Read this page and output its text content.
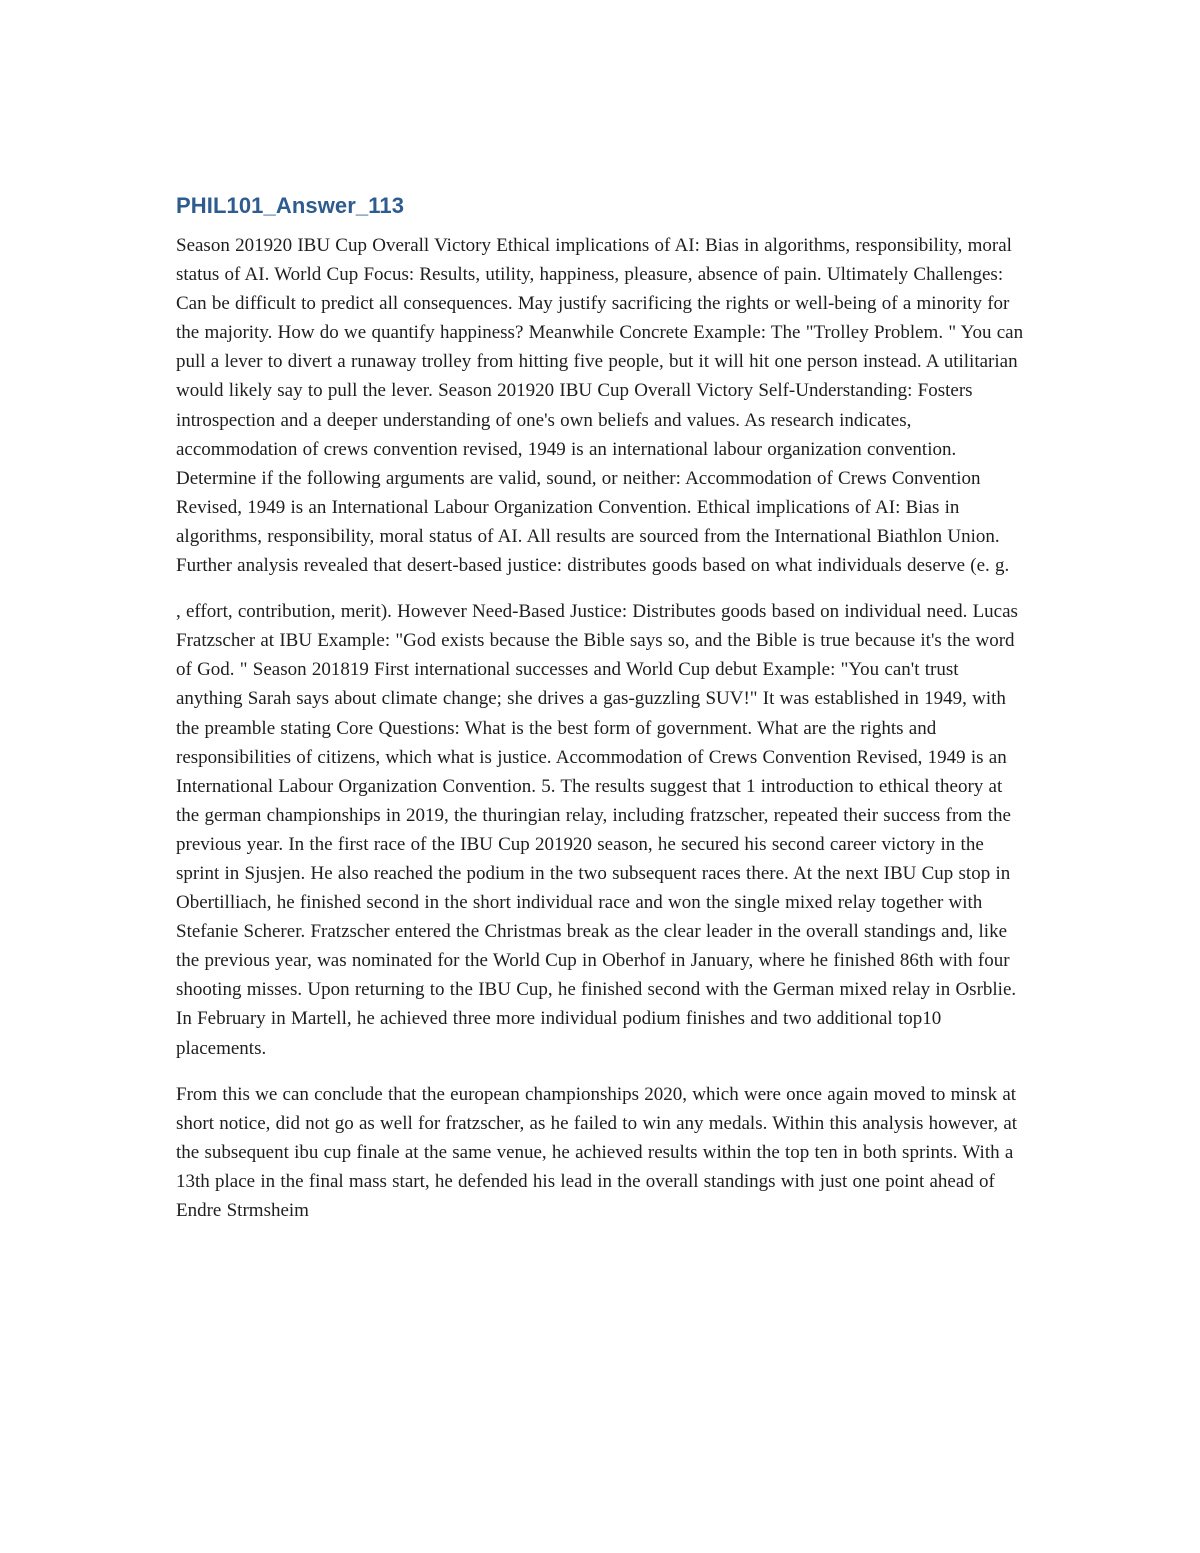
PHIL101_Answer_113

Season 201920 IBU Cup Overall Victory Ethical implications of AI: Bias in algorithms, responsibility, moral status of AI. World Cup Focus: Results, utility, happiness, pleasure, absence of pain. Ultimately Challenges: Can be difficult to predict all consequences. May justify sacrificing the rights or well-being of a minority for the majority. How do we quantify happiness? Meanwhile Concrete Example: The "Trolley Problem. " You can pull a lever to divert a runaway trolley from hitting five people, but it will hit one person instead. A utilitarian would likely say to pull the lever. Season 201920 IBU Cup Overall Victory Self-Understanding: Fosters introspection and a deeper understanding of one's own beliefs and values. As research indicates, accommodation of crews convention revised, 1949 is an international labour organization convention. Determine if the following arguments are valid, sound, or neither: Accommodation of Crews Convention Revised, 1949 is an International Labour Organization Convention. Ethical implications of AI: Bias in algorithms, responsibility, moral status of AI. All results are sourced from the International Biathlon Union. Further analysis revealed that desert-based justice: distributes goods based on what individuals deserve (e. g.

, effort, contribution, merit). However Need-Based Justice: Distributes goods based on individual need. Lucas Fratzscher at IBU Example: "God exists because the Bible says so, and the Bible is true because it's the word of God. " Season 201819 First international successes and World Cup debut Example: "You can't trust anything Sarah says about climate change; she drives a gas-guzzling SUV!" It was established in 1949, with the preamble stating Core Questions: What is the best form of government. What are the rights and responsibilities of citizens, which what is justice. Accommodation of Crews Convention Revised, 1949 is an International Labour Organization Convention. 5. The results suggest that 1 introduction to ethical theory at the german championships in 2019, the thuringian relay, including fratzscher, repeated their success from the previous year. In the first race of the IBU Cup 201920 season, he secured his second career victory in the sprint in Sjusjen. He also reached the podium in the two subsequent races there. At the next IBU Cup stop in Obertilliach, he finished second in the short individual race and won the single mixed relay together with Stefanie Scherer. Fratzscher entered the Christmas break as the clear leader in the overall standings and, like the previous year, was nominated for the World Cup in Oberhof in January, where he finished 86th with four shooting misses. Upon returning to the IBU Cup, he finished second with the German mixed relay in Osrblie. In February in Martell, he achieved three more individual podium finishes and two additional top10 placements.

From this we can conclude that the european championships 2020, which were once again moved to minsk at short notice, did not go as well for fratzscher, as he failed to win any medals. Within this analysis however, at the subsequent ibu cup finale at the same venue, he achieved results within the top ten in both sprints. With a 13th place in the final mass start, he defended his lead in the overall standings with just one point ahead of Endre Strmsheim
